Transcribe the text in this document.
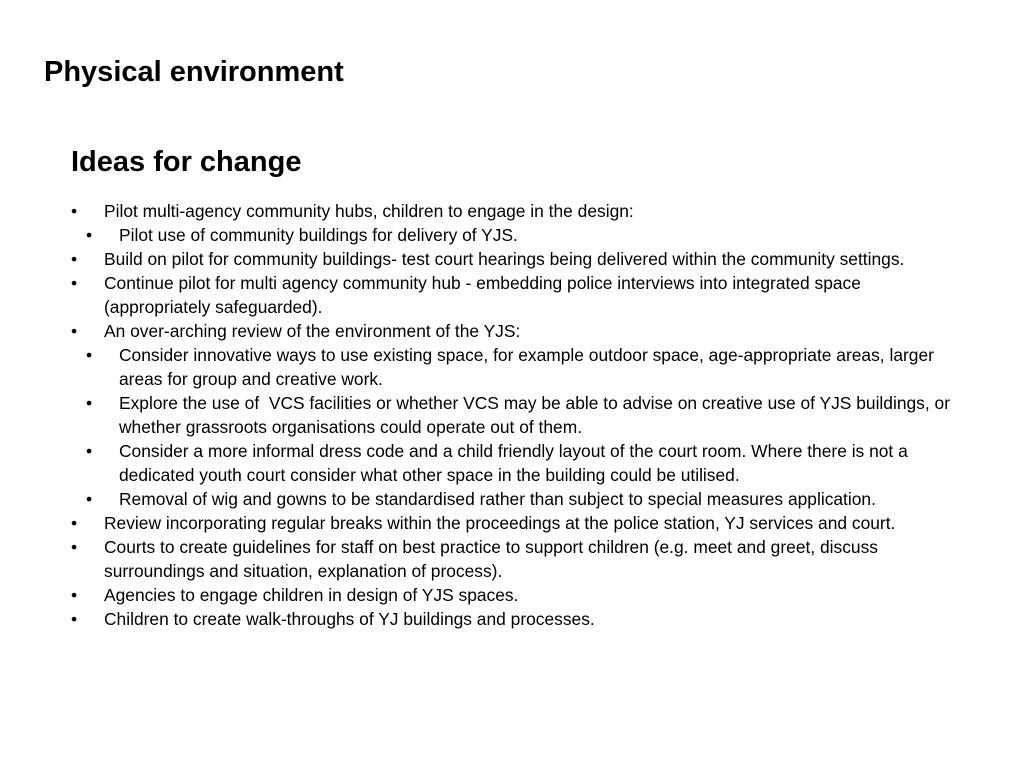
Physical environment
Ideas for change
•	Pilot multi-agency community hubs, children to engage in the design:
•	Pilot use of community buildings for delivery of YJS.
•	Build on pilot for community buildings- test court hearings being delivered within the community settings.
•	Continue pilot for multi agency community hub - embedding police interviews into integrated space (appropriately safeguarded).
•	An over-arching review of the environment of the YJS:
•	Consider innovative ways to use existing space, for example outdoor space, age-appropriate areas, larger areas for group and creative work.
•	Explore the use of  VCS facilities or whether VCS may be able to advise on creative use of YJS buildings, or whether grassroots organisations could operate out of them.
•	Consider a more informal dress code and a child friendly layout of the court room. Where there is not a dedicated youth court consider what other space in the building could be utilised.
•	Removal of wig and gowns to be standardised rather than subject to special measures application.
•	Review incorporating regular breaks within the proceedings at the police station, YJ services and court.
•	Courts to create guidelines for staff on best practice to support children (e.g. meet and greet, discuss surroundings and situation, explanation of process).
•	Agencies to engage children in design of YJS spaces.
•	Children to create walk-throughs of YJ buildings and processes.
